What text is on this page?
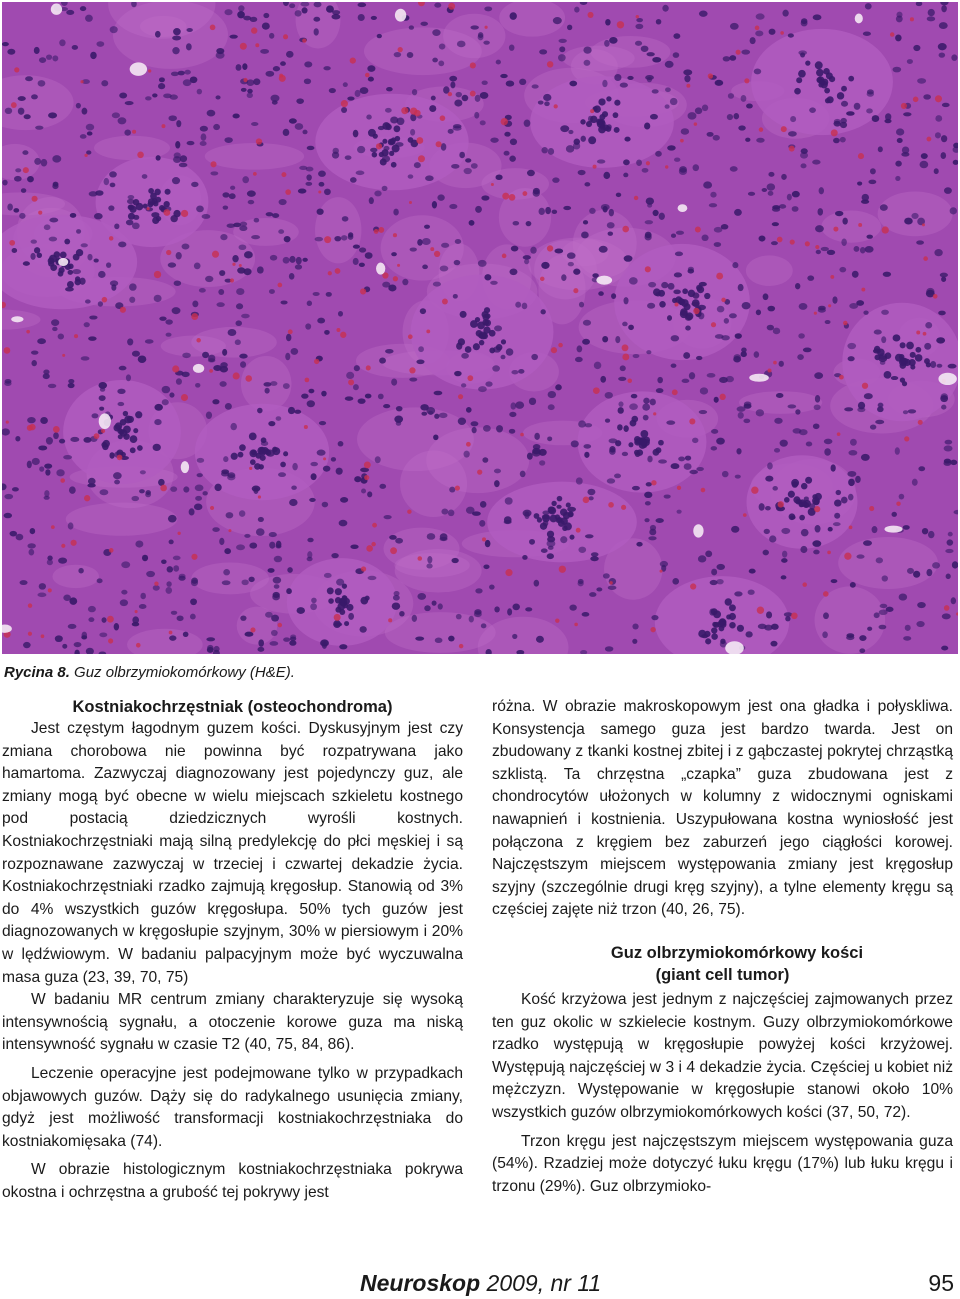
Rycina 8. Guz olbrzymiokomórkowy (H&E).

Kostniakochrzęstniak (osteochondroma)

Jest częstym łagodnym guzem kości. Dyskusyjnym jest czy zmiana chorobowa nie powinna być rozpatrywana jako hamartoma. Zazwyczaj diagnozowany jest pojedynczy guz, ale zmiany mogą być obecne w wielu miejscach szkieletu kostnego pod postacią dziedzicznych wyrośli kostnych. Kostniakochrzęstniaki mają silną predylekcję do płci męskiej i są rozpoznawane zazwyczaj w trzeciej i czwartej dekadzie życia. Kostniakochrzęstniaki rzadko zajmują kręgosłup. Stanowią od 3% do 4% wszystkich guzów kręgosłupa. 50% tych guzów jest diagnozowanych w kręgosłupie szyjnym, 30% w piersiowym i 20% w lędźwiowym. W badaniu palpacyjnym może być wyczuwalna masa guza (23, 39, 70, 75)

W badaniu MR centrum zmiany charakteryzuje się wysoką intensywnością sygnału, a otoczenie korowe guza ma niską intensywność sygnału w czasie T2 (40, 75, 84, 86).

Leczenie operacyjne jest podejmowane tylko w przypadkach objawowych guzów. Dąży się do radykalnego usunięcia zmiany, gdyż jest możliwość transformacji kostniakochrzęstniaka do kostniakomięsaka (74).

W obrazie histologicznym kostniakochrzęstniaka pokrywa okostna i ochrzęstna a grubość tej pokrywy jest

różna. W obrazie makroskopowym jest ona gładka i połyskliwa. Konsystencja samego guza jest bardzo twarda. Jest on zbudowany z tkanki kostnej zbitej i z gąbczastej pokrytej chrząstką szklistą. Ta chrzęstna „czapka” guza zbudowana jest z chondrocytów ułożonych w kolumny z widocznymi ogniskami nawapnień i kostnienia. Uszypułowana kostna wyniosłość jest połączona z kręgiem bez zaburzeń jego ciągłości korowej. Najczęstszym miejscem występowania zmiany jest kręgosłup szyjny (szczególnie drugi kręg szyjny), a tylne elementy kręgu są częściej zajęte niż trzon (40, 26, 75).

Guz olbrzymiokomórkowy kości
(giant cell tumor)

Kość krzyżowa jest jednym z najczęściej zajmowanych przez ten guz okolic w szkielecie kostnym. Guzy olbrzymiokomórkowe rzadko występują w kręgosłupie powyżej kości krzyżowej. Występują najczęściej w 3 i 4 dekadzie życia. Częściej u kobiet niż mężczyzn. Występowanie w kręgosłupie stanowi około 10% wszystkich guzów olbrzymiokomórkowych kości (37, 50, 72).

Trzon kręgu jest najczęstszym miejscem występowania guza (54%). Rzadziej może dotyczyć łuku kręgu (17%) lub łuku kręgu i trzonu (29%). Guz olbrzymioko-

Neuroskop 2009, nr 11	95
